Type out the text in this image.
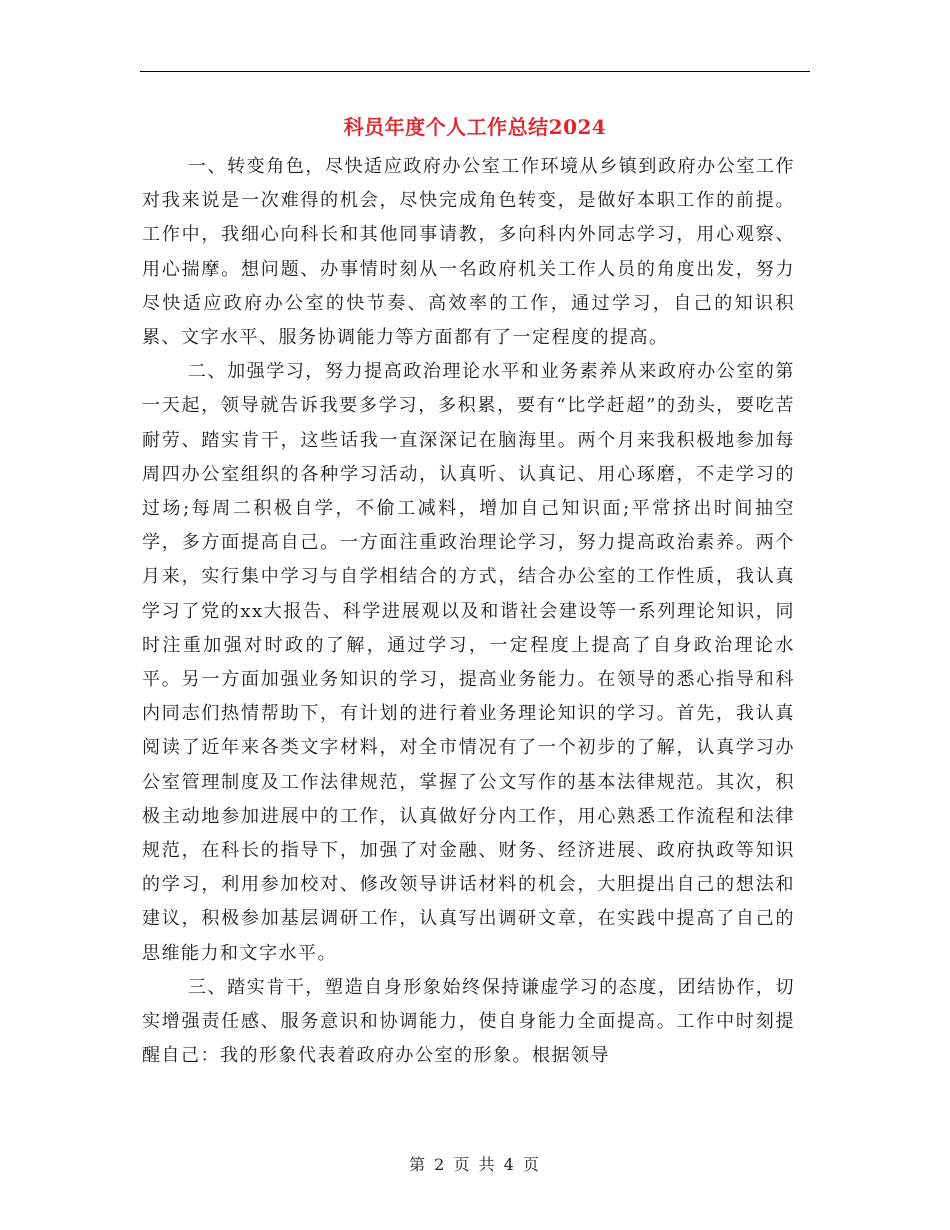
科员年度个人工作总结2024

一、转变角色，尽快适应政府办公室工作环境从乡镇到政府办公室工作对我来说是一次难得的机会，尽快完成角色转变，是做好本职工作的前提。工作中，我细心向科长和其他同事请教，多向科内外同志学习，用心观察、用心揣摩。想问题、办事情时刻从一名政府机关工作人员的角度出发，努力尽快适应政府办公室的快节奏、高效率的工作，通过学习，自己的知识积累、文字水平、服务协调能力等方面都有了一定程度的提高。

二、加强学习，努力提高政治理论水平和业务素养从来政府办公室的第一天起，领导就告诉我要多学习，多积累，要有“比学赶超”的劲头，要吃苦耐劳、踏实肯干，这些话我一直深深记在脑海里。两个月来我积极地参加每周四办公室组织的各种学习活动，认真听、认真记、用心琢磨，不走学习的过场;每周二积极自学，不偷工减料，增加自己知识面;平常挤出时间抽空学，多方面提高自己。一方面注重政治理论学习，努力提高政治素养。两个月来，实行集中学习与自学相结合的方式，结合办公室的工作性质，我认真学习了党的xx大报告、科学进展观以及和谐社会建设等一系列理论知识，同时注重加强对时政的了解，通过学习，一定程度上提高了自身政治理论水平。另一方面加强业务知识的学习，提高业务能力。在领导的悉心指导和科内同志们热情帮助下，有计划的进行着业务理论知识的学习。首先，我认真阅读了近年来各类文字材料，对全市情况有了一个初步的了解，认真学习办公室管理制度及工作法律规范，掌握了公文写作的基本法律规范。其次，积极主动地参加进展中的工作，认真做好分内工作，用心熟悉工作流程和法律规范，在科长的指导下，加强了对金融、财务、经济进展、政府执政等知识的学习，利用参加校对、修改领导讲话材料的机会，大胆提出自己的想法和建议，积极参加基层调研工作，认真写出调研文章，在实践中提高了自己的思维能力和文字水平。

三、踏实肯干，塑造自身形象始终保持谦虚学习的态度，团结协作，切实增强责任感、服务意识和协调能力，使自身能力全面提高。工作中时刻提醒自己：我的形象代表着政府办公室的形象。根据领导

第 2 页 共 4 页
